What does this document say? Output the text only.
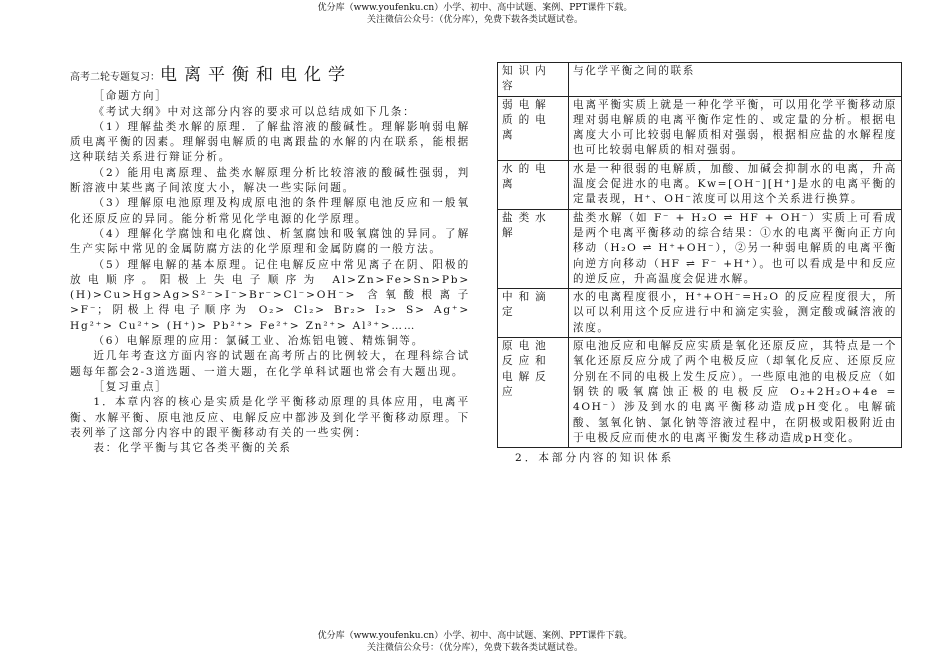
优分库（www.youfenku.cn）小学、初中、高中试题、案例、PPT课件下载。
关注微信公众号：（优分库），免费下载各类试题试卷。
高考二轮专题复习：电离平衡和电化学

［命题方向］

《考试大纲》中对这部分内容的要求可以总结成如下几条：

（1）理解盐类水解的原理．了解盐溶液的酸碱性。理解影响弱电解质电离平衡的因素。理解弱电解质的电离跟盐的水解的内在联系，能根据这种联结关系进行辩证分析。

（2）能用电离原理、盐类水解原理分析比较溶液的酸碱性强弱，判断溶液中某些离子间浓度大小，解决一些实际问题。

（3）理解原电池原理及构成原电池的条件理解原电池反应和一般氧化还原反应的异同。能分析常见化学电源的化学原理。

（4）理解化学腐蚀和电化腐蚀、析氢腐蚀和吸氧腐蚀的异同。了解生产实际中常见的金属防腐方法的化学原理和金属防腐的一般方法。

（5）理解电解的基本原理。记住电解反应中常见离子在阴、阳极的放电顺序。阳极上失电子顺序为 Al>Zn>Fe>Sn>Pb>(H)>Cu>Hg>Ag>S²⁻>I⁻>Br⁻>Cl⁻>OH⁻> 含氧酸根离子>F⁻；阴极上得电子顺序为 O₂> Cl₂> Br₂> I₂> S> Ag⁺> Hg²⁺> Cu²⁺> (H⁺)> Pb²⁺> Fe²⁺> Zn²⁺> Al³⁺>……

（6）电解原理的应用：氯碱工业、冶炼铝电镀、精炼铜等。

近几年考查这方面内容的试题在高考所占的比例较大，在理科综合试题每年都会2-3道选题、一道大题，在化学单科试题也常会有大题出现。

［复习重点］

1．本章内容的核心是实质是化学平衡移动原理的具体应用，电离平衡、水解平衡、原电池反应、电解反应中都涉及到化学平衡移动原理。下表列举了这部分内容中的跟平衡移动有关的一些实例：

表：化学平衡与其它各类平衡的关系

知识内容	与化学平衡之间的联系
弱电解质的电离	电离平衡实质上就是一种化学平衡，可以用化学平衡移动原理对弱电解质的电离平衡作定性的、或定量的分析。根据电离度大小可比较弱电解质相对强弱，根据相应盐的水解程度也可比较弱电解质的相对强弱。
水的电离	水是一种很弱的电解质，加酸、加碱会抑制水的电离，升高温度会促进水的电离。Kw=[OH⁻][H⁺]是水的电离平衡的定量表现，H⁺、OH⁻浓度可以用这个关系进行换算。
盐类水解	盐类水解（如 F⁻ + H₂O ⇌ HF + OH⁻）实质上可看成是两个电离平衡移动的综合结果：①水的电离平衡向正方向移动（H₂O ⇌ H⁺+OH⁻），②另一种弱电解质的电离平衡向逆方向移动（HF ⇌ F⁻ +H⁺）。也可以看成是中和反应的逆反应，升高温度会促进水解。
中和滴定	水的电离程度很小，H⁺+OH⁻=H₂O 的反应程度很大，所以可以利用这个反应进行中和滴定实验，测定酸或碱溶液的浓度。
原电池反应和电解反应	原电池反应和电解反应实质是氧化还原反应，其特点是一个氧化还原反应分成了两个电极反应（却氧化反应、还原反应分别在不同的电极上发生反应）。一些原电池的电极反应（如钢铁的吸氧腐蚀正极的电极反应 O₂+2H₂O+4e = 4OH⁻）涉及到水的电离平衡移动造成pH变化。电解硫酸、氢氧化钠、氯化钠等溶液过程中，在阴极或阳极附近由于电极反应而使水的电离平衡发生移动造成pH变化。
2．本部分内容的知识体系
优分库（www.youfenku.cn）小学、初中、高中试题、案例、PPT课件下载。
关注微信公众号：（优分库），免费下载各类试题试卷。
